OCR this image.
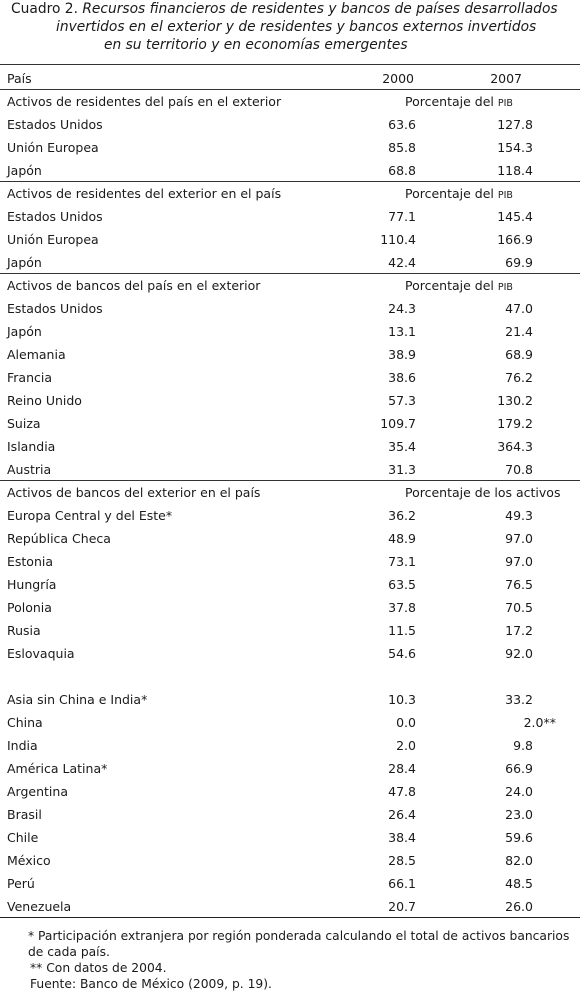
Cuadro 2. Recursos financieros de residentes y bancos de países desarrollados
invertidos en el exterior y de residentes y bancos externos invertidos
en su territorio y en economías emergentes
País	2000	2007
Activos de residentes del país en el exterior	Porcentaje del PIB
Estados Unidos	63.6	127.8
Unión Europea	85.8	154.3
Japón	68.8	118.4
Activos de residentes del exterior en el país	Porcentaje del PIB
Estados Unidos	77.1	145.4
Unión Europea	110.4	166.9
Japón	42.4	69.9
Activos de bancos del país en el exterior	Porcentaje del PIB
Estados Unidos	24.3	47.0
Japón	13.1	21.4
Alemania	38.9	68.9
Francia	38.6	76.2
Reino Unido	57.3	130.2
Suiza	109.7	179.2
Islandia	35.4	364.3
Austria	31.3	70.8
Activos de bancos del exterior en el país	Porcentaje de los activos
Europa Central y del Este*	36.2	49.3
República Checa	48.9	97.0
Estonia	73.1	97.0
Hungría	63.5	76.5
Polonia	37.8	70.5
Rusia	11.5	17.2
Eslovaquia	54.6	92.0
Asia sin China e India*	10.3	33.2
China	0.0	2.0**
India	2.0	9.8
América Latina*	28.4	66.9
Argentina	47.8	24.0
Brasil	26.4	23.0
Chile	38.4	59.6
México	28.5	82.0
Perú	66.1	48.5
Venezuela	20.7	26.0
* Participación extranjera por región ponderada calculando el total de activos bancarios de cada país.
** Con datos de 2004.
Fuente: Banco de México (2009, p. 19).
